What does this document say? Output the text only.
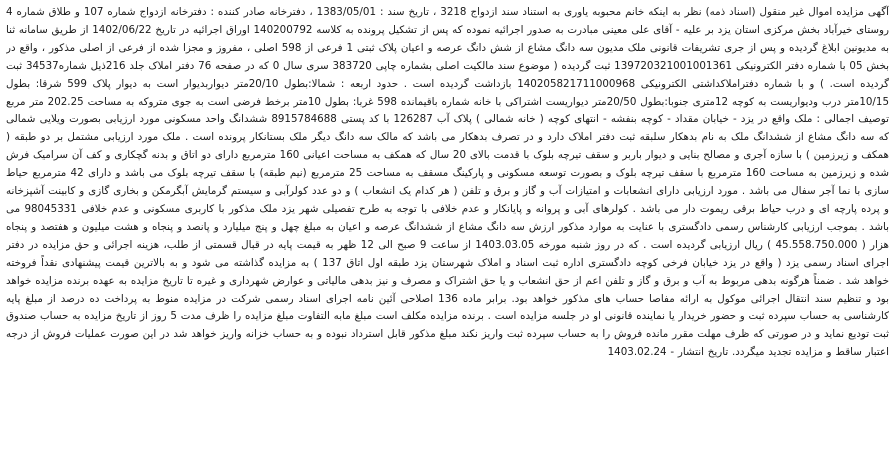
آگهی مزایده اموال غیر منقول (اسناد ذمه) نظر به اینکه خانم محبوبه یاوری به استناد سند ازدواج 3218 ، تاریخ سند : 1383/05/01 ، دفترخانه صادر کننده : دفترخانه ازدواج شماره 107 و طلاق شماره 4 روستای خیرآباد بخش مرکزی استان یزد بر علیه - آقای علی معینی مبادرت به صدور اجرائیه نموده که پس از تشکیل پرونده به کلاسه 140200792 اوراق اجرائیه در تاریخ 1402/06/22 از طریق سامانه ثنا به مدیونین ابلاغ گردیده و پس از جری تشریفات قانونی ملک مدیون سه دانگ مشاع از شش دانگ عرصه و اعیان پلاک ثبتی 1 فرعی از 598 اصلی ، مفروز و مجزا شده از فرعی از اصلی مذکور ، واقع در بخش 05 با شماره دفتر الکترونیکی 13972032100100136​1 ثبت گردیده ( موضوع سند مالکیت اصلی بشماره چاپی 383720 سری سال 0 که در صفحه 76 دفتر املاک جلد 216ذیل شماره34537 ثبت گردیده است. ) و با شماره دفتراملاکداشتی الکترونیکی 140205821711000968 بازداشت گردیده است . حدود اربعه : شمالا:بطول 20/10متر دیواربدیوار است به دیوار پلاک 599 شرقا: بطول 10/15متر درب ودیواریست به کوچه 12متری جنوبا:بطول 20/50متر دیواریست اشتراکی با خانه شماره باقیمانده 598 غربا: بطول 10متر برخط فرضی است به جوی متروکه به مساحت 202.25 متر مربع توصیف اجمالی : ملک واقع در یزد - خیابان مقداد - کوچه بنفشه - انتهای کوچه ( خانه شمالی ) پلاک آب 126287 با کد پستی 8915784688 ششدانگ واحد مسکونی مورد ارزیابی بصورت ویلایی شمالی که سه دانگ مشاع از ششدانگ ملک به نام بدهکار سلبقه ثبت دفتر املاک دارد و در تصرف بدهکار می باشد که مالک سه دانگ دیگر ملک بستانکار پرونده است . ملک مورد ارزیابی مشتمل بر دو طبقه ( همکف و زیرزمین ) با سازه آجری و مصالح بنایی و دیوار باربر و سقف تیرچه بلوک با قدمت بالای 20 سال که همکف به مساحت اعیانی 160 مترمربع دارای دو اتاق و بدنه گچکاری و کف آن سرامیک فرش شده و زیرزمین به مساحت 160 مترمربع با سقف تیرچه بلوک و بصورت توسعه مسکونی و پارکینگ مسقف به مساحت 25 مترمربع (نیم طبقه) با سقف تیرچه بلوک می باشد و دارای 42 مترمربع حیاط سازی با نما آجر سفال می باشد . مورد ارزیابی دارای انشعابات و امتیازات آب و گاز و برق و تلفن ( هر کدام یک انشعاب ) و دو عدد کولرآبی و سیستم گرمایش آبگرمکن و بخاری گازی و کابینت آشپزخانه و پرده پارچه ای و درب حیاط برقی ریموت دار می باشد . کولرهای آبی و پروانه و پایانکار و عدم خلافی با توجه به طرح تفصیلی شهر یزد ملک مذکور با کاربری مسکونی و عدم خلافی 98045331 می باشد . بموجب ارزیابی کارشناس رسمی دادگستری با عنایت به موارد مذکور ارزش سه دانگ مشاع از ششدانگ عرصه و اعیان به مبلغ چهل و پنج میلیارد و پانصد و پنجاه و هشت میلیون و هفتصد و پنجاه هزار ( 45.558.750.000 ) ریال ارزیابی گردیده است . که در روز شنبه مورخه 1403.03.05 از ساعت 9 صبح الی 12 ظهر به قیمت پایه در قبال قسمتی از طلب، هزینه اجرائی و حق مزایده در دفتر اجرای اسناد رسمی یزد ( واقع در یزد خیابان فرخی کوچه دادگستری اداره ثبت اسناد و املاک شهرستان یزد طبقه اول اتاق 137 ) به مزایده گذاشته می شود و به بالاترین قیمت پیشنهادی نقداً فروخته خواهد شد . ضمناً هرگونه بدهی مربوط به آب و برق و گاز و تلفن اعم از حق انشعاب و یا حق اشتراک و مصرف و نیز بدهی مالیاتی و عوارض شهرداری و غیره تا تاریخ مزایده به عهده برنده مزایده خواهد بود و تنظیم سند انتقال اجرائی موکول به ارائه مفاصا حساب های مذکور خواهد بود. برابر ماده 136 اصلاحی آئین نامه اجرای اسناد رسمی شرکت در مزایده منوط به پرداخت ده درصد از مبلغ پایه کارشناسی به حساب سپرده ثبت و حضور خریدار یا نماینده قانونی او در جلسه مزایده است . برنده مزایده مکلف است مبلغ مابه التفاوت مبلغ مزایده را ظرف مدت 5 روز از تاریخ مزایده به حساب صندوق ثبت تودیع نماید و در صورتی که ظرف مهلت مقرر مانده فروش را به حساب سپرده ثبت واریز نکند مبلغ مذکور قابل استرداد نبوده و به حساب خزانه واریز خواهد شد در این صورت عملیات فروش از درجه اعتبار ساقط و مزایده تجدید میگردد. تاریخ انتشار - 1403.02.24
